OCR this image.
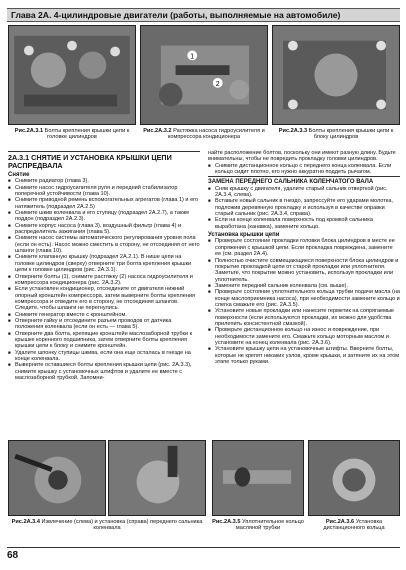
Глава 2A. 4-цилиндровые двигатели (работы, выполняемые на автомобиле)
1
2
Рис.2А.3.1 Болты крепления крышки цепи к головке цилиндров
Рис.2А.3.2 Растяжка насоса гидроусилителя и компрессора кондиционера
Рис.2А.3.3 Болты крепления крышки цепи к блоку цилиндров

2A.3.1 СНЯТИЕ И УСТАНОВКА КРЫШКИ ЦЕПИ РАСПРЕДВАЛА

Снятие

■ Снимите радиатор (глава 3).

■ Снимите насос гидроусилителя руля и передний стабилизатор поперечной устойчивости (глава 10).

■ Снимите приводной ремень вспомогательных агрегатов (глава 1) и его натяжитель (подраздел 2А.2.5)

■ Снимите шкив коленвала и его ступицу (подраздел 2А.2.7), а также поддон (подраздел 2А.2.3).

■ Снимите корпус насоса (глава 3), воздушный фильтр (глава 4) и распределитель зажигания (глава 5).

■ Снимите насос системы автоматического регулирования уровня пола (если он есть). Насос можно сместить в сторону, не отсоединяя от него шланги (глава 10).

■ Снимите клапанную крышку (подраздел 2А.2.1). В нише цепи на головке цилиндров (сверху) отверните три болта крепления крышки цепи к головке цилиндров (рис. 2А.3.1).

■ Отверните болты (1), снимите растяжку (2) насоса гидроусилителя и компрессора кондиционера (рис. 2А.3.2).

■ Если установлен кондиционер, отсоедините от двигателя нижний опорный кронштейн компрессора, затем выверните болты крепления компрессора и отведите его в сторону, не отсоединяя шлангов. Следите, чтобы шланги не перегнулись.

■ Снимите генератор вместе с кронштейном.

■ Отверните гайку и отсоедините разъем проводов от датчика положения коленвала (если он есть — глава 5).

■ Отверните два болта, крепящие кронштейн маслозаборной трубки к крышке коренного подшипника, затем отверните болты крепления крышки цепи к блоку и снимите кронштейн.

■ Удалите шпонку ступицы шкива, если она еще осталась в гнезде на конце коленвала.

■ Выверните оставшиеся болты крепления крышки цепи (рис. 2А.3.3), снимите крышку с установочных штифтов и удалите ее вместе с маслозаборной трубкой. Запомни-

найте расположение болтов, поскольку они имеют разную длину. Будьте внимательны, чтобы не повредить прокладку головки цилиндров.

■ Снимите дистанционное кольцо с переднего конца коленвала. Если кольцо сидит плотно, его нужно аккуратно поддеть рычагом.

ЗАМЕНА ПЕРЕДНЕГО САЛЬНИКА КОЛЕНЧАТОГО ВАЛА

■ Сняв крышку с двигателя, удалите старый сальник отверткой (рис. 2А.3.4, слева).

■ Вставьте новый сальник в гнездо, запрессуйте его ударами молотка, подложив деревянную прокладку и используя в качестве оправки старый сальник (рис. 2А.3.4, справа).

■ Если на конце коленвала поверхность под кромкой сальника выработана (канавка), замените кольцо.

Установка крышки цепи

■ Проверьте состояние прокладки головки блока цилиндров в месте ее сопряжения с крышкой цепи. Если прокладка повреждена, замените ее (см. раздел 2А.4).

■ Полностью очистите совмещающиеся поверхности блока цилиндров и покрытие прокладкой цепи от старой прокладки или уплотнителя. Заметьте, что покрытие можно установить, используя прокладки или уплотнитель.

■ Замените передний сальник коленвала (см. выше).

■ Проверьте состояние уплотнительного кольца трубки подачи масла (на конце маслоприемника насоса), при необходимости замените кольцо и слегка смажьте его (рис. 2А.3.5).

■ Установите новые прокладки или нанесите герметик на сопрягаемые поверхности (если используются прокладки, их можно для удобства прилепить консистентной смазкой).

■ Проверьте дистанционное кольцо на износ и повреждение, при необходимости замените его. Смажьте кольцо моторным маслом и установите на конец коленвала (рис. 2А.3.6).

■ Установите крышку цепи на установочные штифты. Вверните болты, которые не крепят никаких узлов, кроме крышки, и затяните их на этом этапе только руками.

Рис.2А.3.4 Извлечение (слева) и установка (справа) переднего сальника коленвала
Рис.2А.3.5 Уплотнительное кольцо масляной трубки
Рис.2А.3.6 Установка дистанционного кольца
68
